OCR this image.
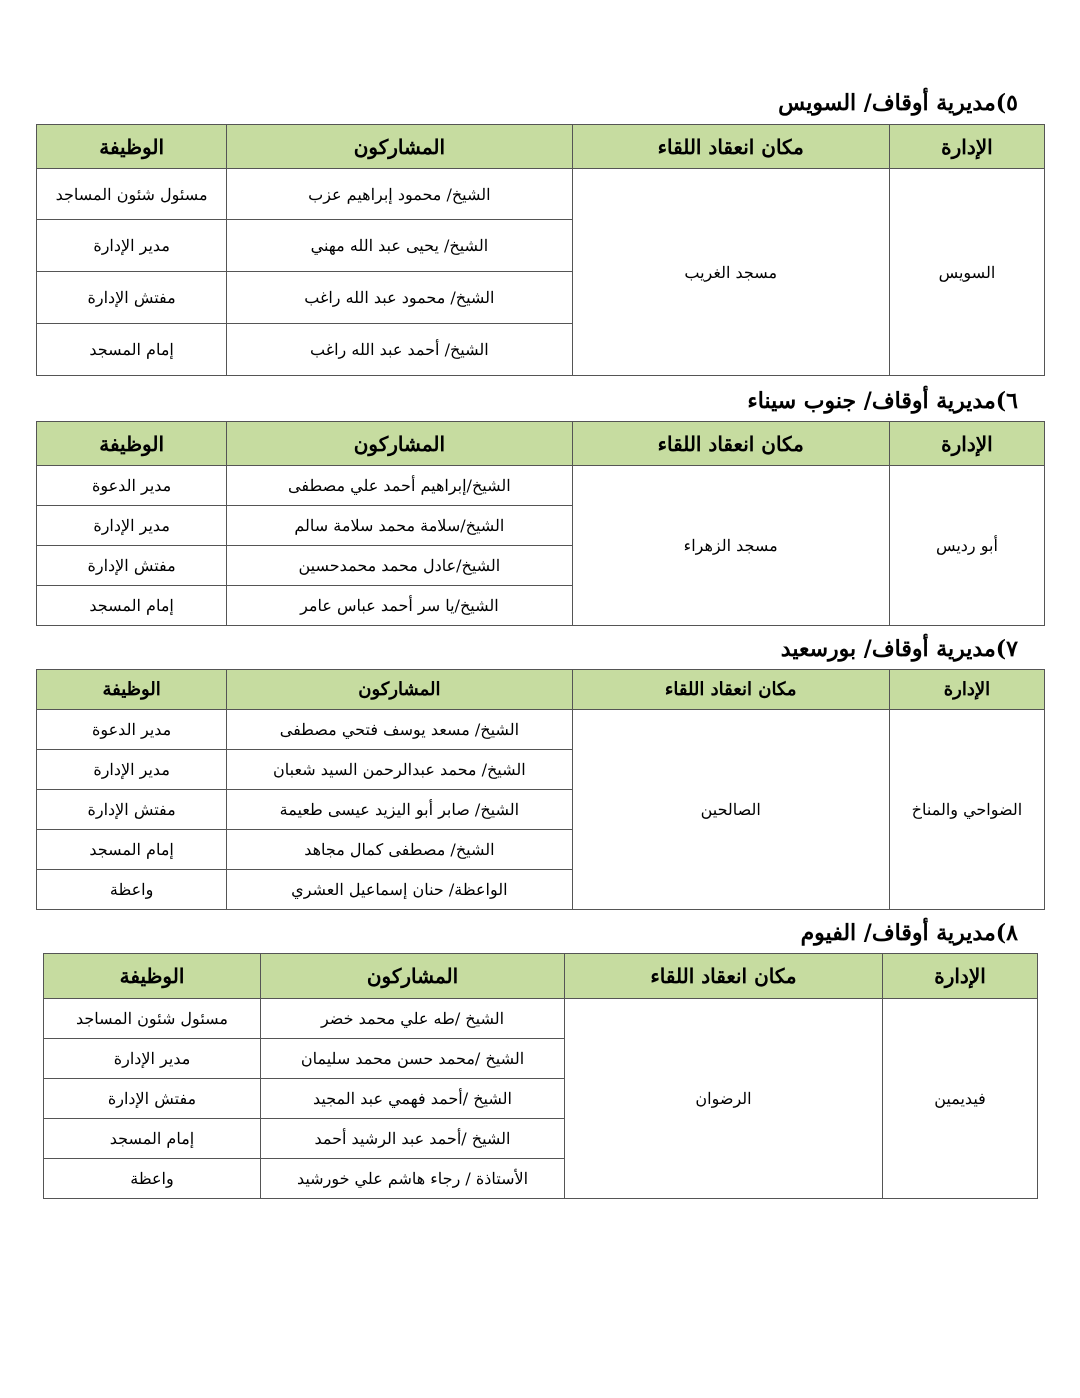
٥)مديرية أوقاف/ السويس
الإدارة	مكان انعقاد اللقاء	المشاركون	الوظيفة
السويس	مسجد الغريب	الشيخ/ محمود إبراهيم عزب	مسئول شئون المساجد
		الشيخ/ يحيى عبد الله مهني	مدير الإدارة
		الشيخ/ محمود عبد الله راغب	مفتش الإدارة
		الشيخ/ أحمد عبد الله راغب	إمام المسجد
٦)مديرية أوقاف/ جنوب سيناء
الإدارة	مكان انعقاد اللقاء	المشاركون	الوظيفة
أبو رديس	مسجد الزهراء	الشيخ/إبراهيم أحمد علي مصطفى	مدير الدعوة
		الشيخ/سلامة محمد سلامة سالم	مدير الإدارة
		الشيخ/عادل محمد محمدحسين	مفتش الإدارة
		الشيخ/يا سر أحمد عباس عامر	إمام المسجد
٧)مديرية أوقاف/ بورسعيد
الإدارة	مكان انعقاد اللقاء	المشاركون	الوظيفة
الضواحي والمناخ	الصالحين	الشيخ/ مسعد يوسف فتحي مصطفى	مدير الدعوة
		الشيخ/ محمد عبدالرحمن السيد شعبان	مدير الإدارة
		الشيخ/ صابر أبو اليزيد عيسى طعيمة	مفتش الإدارة
		الشيخ/ مصطفى كمال مجاهد	إمام المسجد
		الواعظة/ حنان إسماعيل العشري	واعظة
٨)مديرية أوقاف/ الفيوم
الإدارة	مكان انعقاد اللقاء	المشاركون	الوظيفة
فيديمين	الرضوان	الشيخ /طه علي محمد خضر	مسئول شئون المساجد
		الشيخ /محمد حسن محمد سليمان	مدير الإدارة
		الشيخ /أحمد فهمي عبد المجيد	مفتش الإدارة
		الشيخ /أحمد عبد الرشيد أحمد	إمام المسجد
		الأستاذة / رجاء هاشم علي خورشيد	واعظة
